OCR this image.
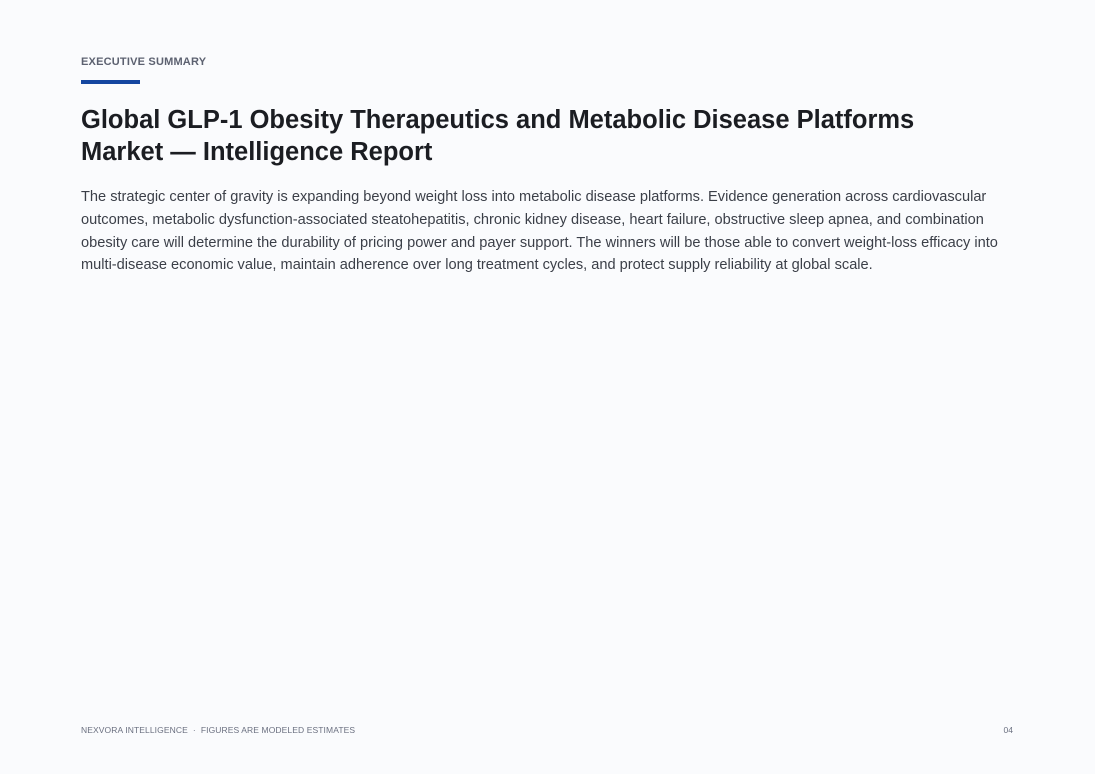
EXECUTIVE SUMMARY
Global GLP-1 Obesity Therapeutics and Metabolic Disease Platforms Market — Intelligence Report

The strategic center of gravity is expanding beyond weight loss into metabolic disease platforms. Evidence generation across cardiovascular outcomes, metabolic dysfunction-associated steatohepatitis, chronic kidney disease, heart failure, obstructive sleep apnea, and combination obesity care will determine the durability of pricing power and payer support. The winners will be those able to convert weight-loss efficacy into multi-disease economic value, maintain adherence over long treatment cycles, and protect supply reliability at global scale.

NEXVORA INTELLIGENCE · FIGURES ARE MODELED ESTIMATES	04
